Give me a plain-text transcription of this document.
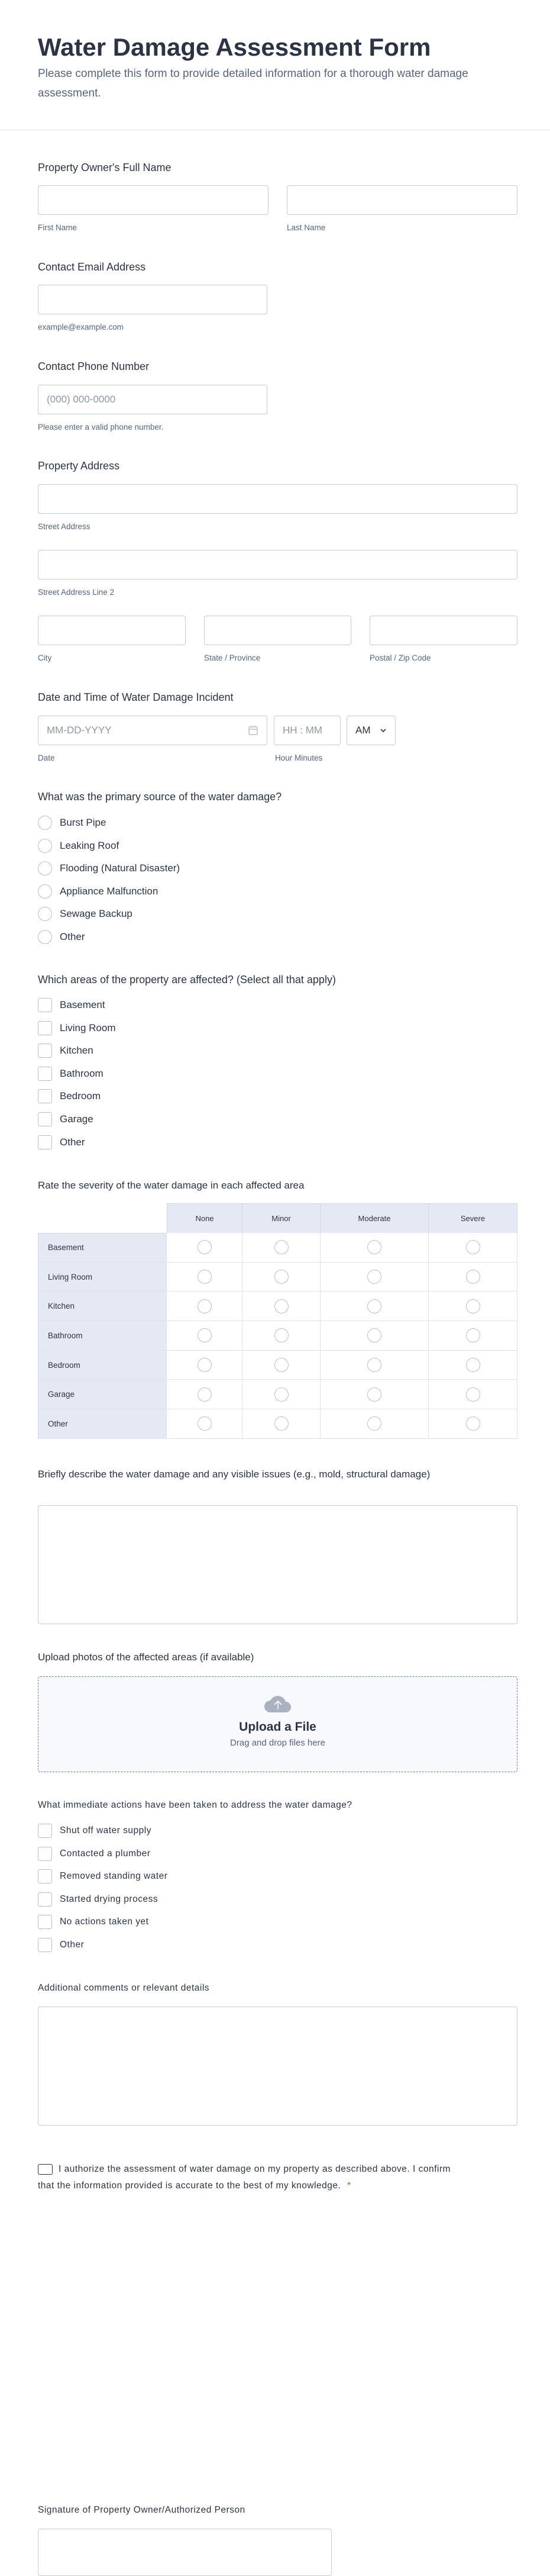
Water Damage Assessment Form
Please complete this form to provide detailed information for a thorough water damage assessment.
Property Owner's Full Name
First Name	Last Name
Contact Email Address
example@example.com
Contact Phone Number
(000) 000-0000
Please enter a valid phone number.
Property Address
Street Address
Street Address Line 2
City	State / Province	Postal / Zip Code
Date and Time of Water Damage Incident
MM-DD-YYYY	HH : MM	AM
Date	Hour Minutes
What was the primary source of the water damage?
Burst Pipe
Leaking Roof
Flooding (Natural Disaster)
Appliance Malfunction
Sewage Backup
Other
Which areas of the property are affected? (Select all that apply)
Basement
Living Room
Kitchen
Bathroom
Bedroom
Garage
Other
Rate the severity of the water damage in each affected area
	None	Minor	Moderate	Severe
Basement				
Living Room				
Kitchen				
Bathroom				
Bedroom				
Garage				
Other				
Briefly describe the water damage and any visible issues (e.g., mold, structural damage)
Upload photos of the affected areas (if available)
Upload a File
Drag and drop files here
What immediate actions have been taken to address the water damage?
Shut off water supply
Contacted a plumber
Removed standing water
Started drying process
No actions taken yet
Other
Additional comments or relevant details
I authorize the assessment of water damage on my property as described above. I confirm that the information provided is accurate to the best of my knowledge. *
Signature of Property Owner/Authorized Person
